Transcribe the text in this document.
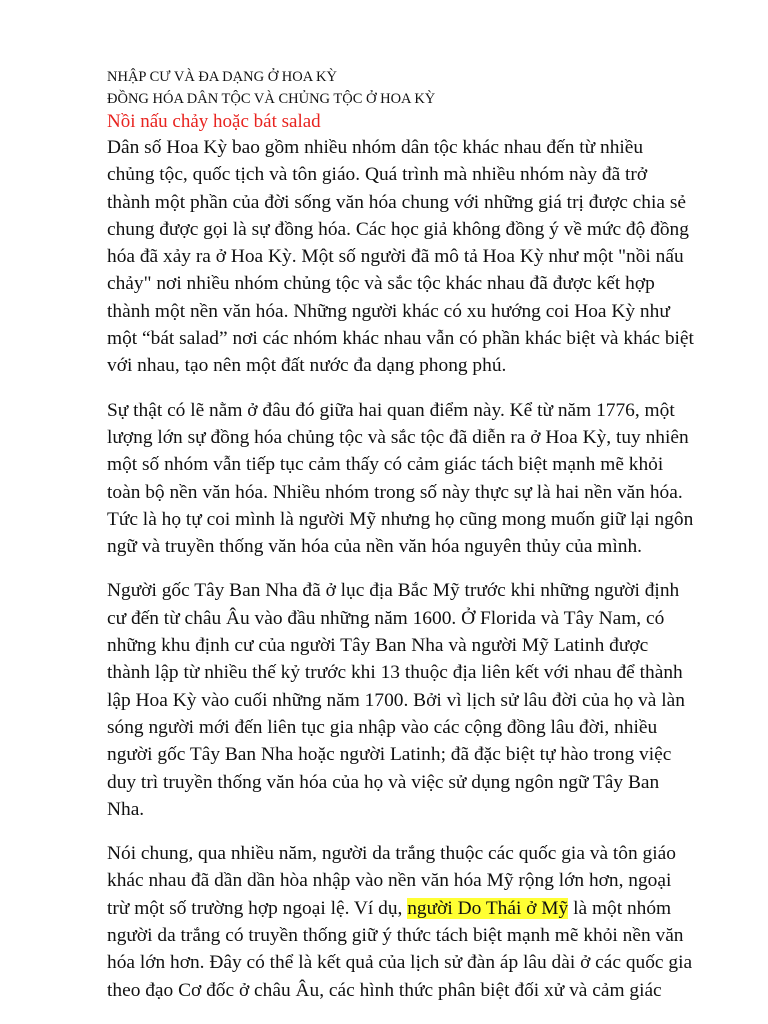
NHẬP CƯ VÀ ĐA DẠNG Ở HOA KỲ
ĐỒNG HÓA DÂN TỘC VÀ CHỦNG TỘC Ở HOA KỲ
Nồi nấu chảy hoặc bát salad

Dân số Hoa Kỳ bao gồm nhiều nhóm dân tộc khác nhau đến từ nhiều
chủng tộc, quốc tịch và tôn giáo. Quá trình mà nhiều nhóm này đã trở
thành một phần của đời sống văn hóa chung với những giá trị được chia sẻ
chung được gọi là sự đồng hóa. Các học giả không đồng ý về mức độ đồng
hóa đã xảy ra ở Hoa Kỳ. Một số người đã mô tả Hoa Kỳ như một "nồi nấu
chảy" nơi nhiều nhóm chủng tộc và sắc tộc khác nhau đã được kết hợp
thành một nền văn hóa. Những người khác có xu hướng coi Hoa Kỳ như
một “bát salad” nơi các nhóm khác nhau vẫn có phần khác biệt và khác biệt
với nhau, tạo nên một đất nước đa dạng phong phú.

Sự thật có lẽ nằm ở đâu đó giữa hai quan điểm này. Kể từ năm 1776, một
lượng lớn sự đồng hóa chủng tộc và sắc tộc đã diễn ra ở Hoa Kỳ, tuy nhiên
một số nhóm vẫn tiếp tục cảm thấy có cảm giác tách biệt mạnh mẽ khỏi
toàn bộ nền văn hóa. Nhiều nhóm trong số này thực sự là hai nền văn hóa.
Tức là họ tự coi mình là người Mỹ nhưng họ cũng mong muốn giữ lại ngôn
ngữ và truyền thống văn hóa của nền văn hóa nguyên thủy của mình.

Người gốc Tây Ban Nha đã ở lục địa Bắc Mỹ trước khi những người định
cư đến từ châu Âu vào đầu những năm 1600. Ở Florida và Tây Nam, có
những khu định cư của người Tây Ban Nha và người Mỹ Latinh được
thành lập từ nhiều thế kỷ trước khi 13 thuộc địa liên kết với nhau để thành
lập Hoa Kỳ vào cuối những năm 1700. Bởi vì lịch sử lâu đời của họ và làn
sóng người mới đến liên tục gia nhập vào các cộng đồng lâu đời, nhiều
người gốc Tây Ban Nha hoặc người Latinh; đã đặc biệt tự hào trong việc
duy trì truyền thống văn hóa của họ và việc sử dụng ngôn ngữ Tây Ban
Nha.

Nói chung, qua nhiều năm, người da trắng thuộc các quốc gia và tôn giáo
khác nhau đã dần dần hòa nhập vào nền văn hóa Mỹ rộng lớn hơn, ngoại
trừ một số trường hợp ngoại lệ. Ví dụ, người Do Thái ở Mỹ là một nhóm
người da trắng có truyền thống giữ ý thức tách biệt mạnh mẽ khỏi nền văn
hóa lớn hơn. Đây có thể là kết quả của lịch sử đàn áp lâu dài ở các quốc gia
theo đạo Cơ đốc ở châu Âu, các hình thức phân biệt đối xử và cảm giác
